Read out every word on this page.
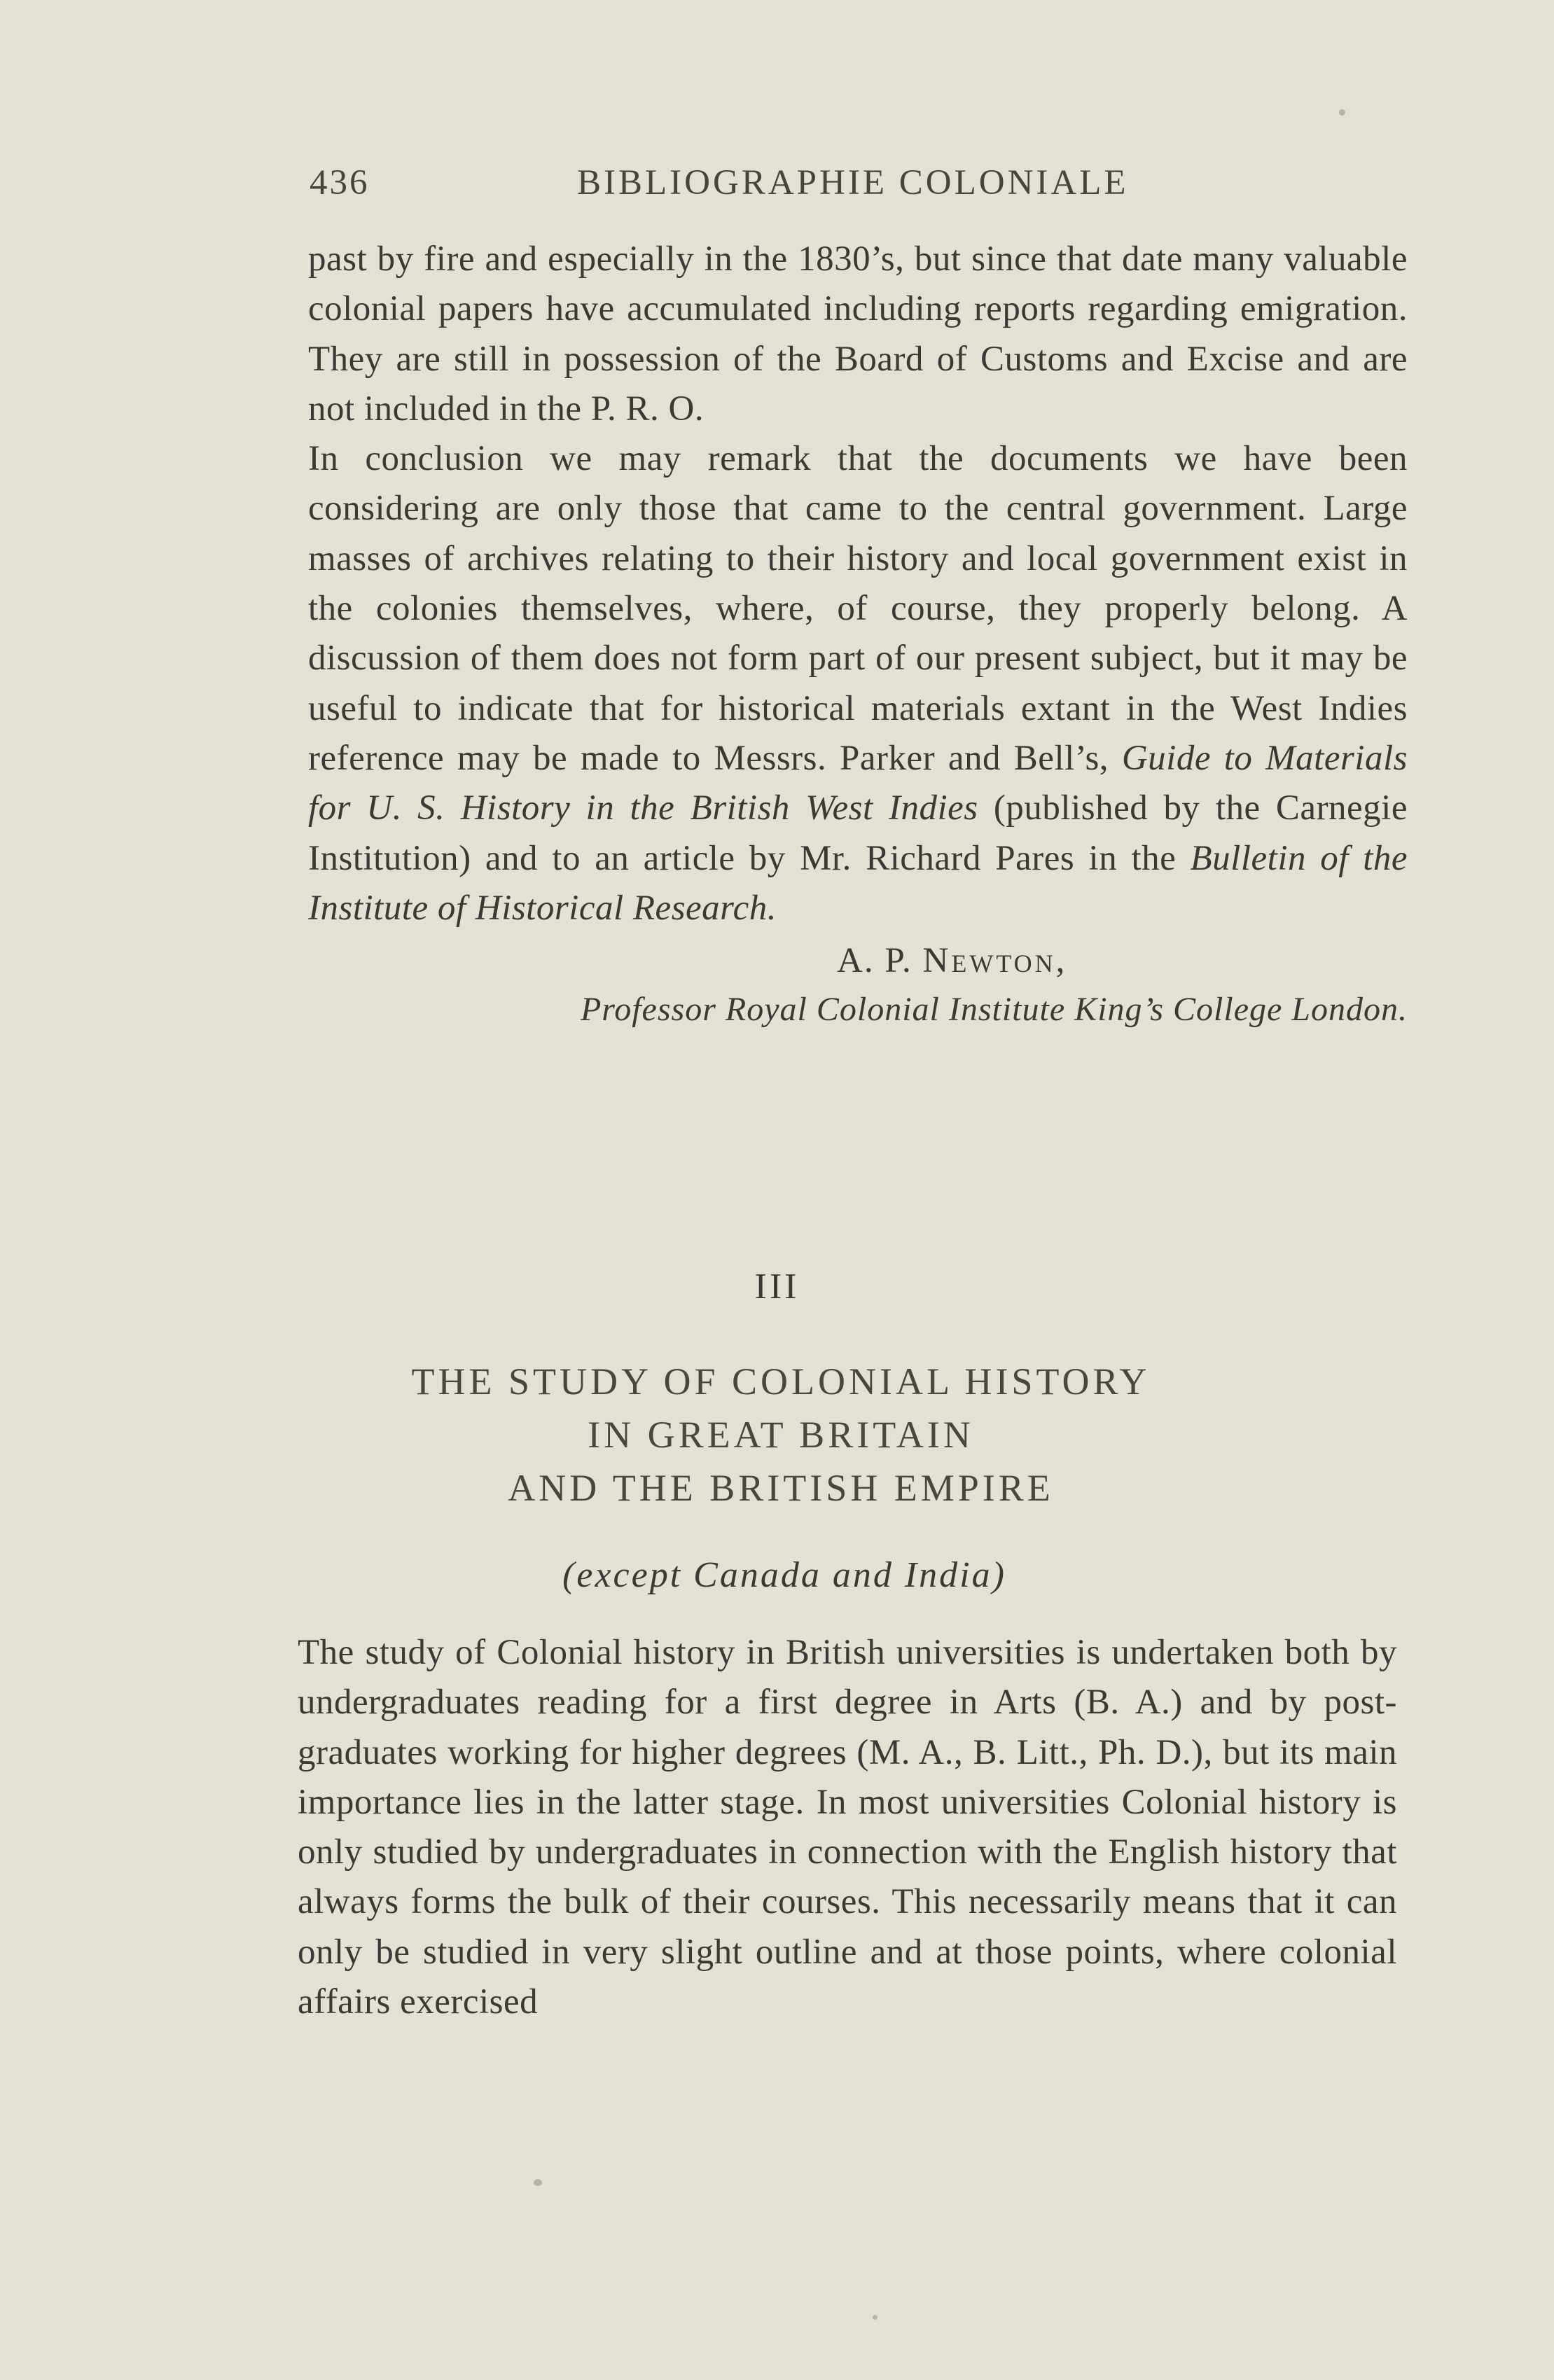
436	BIBLIOGRAPHIE COLONIALE

past by fire and especially in the 1830’s, but since that date many valuable colonial papers have accumulated including reports regarding emigration. They are still in possession of the Board of Customs and Excise and are not included in the P. R. O.

In conclusion we may remark that the documents we have been considering are only those that came to the central government. Large masses of archives relating to their history and local government exist in the colonies themselves, where, of course, they properly belong. A discussion of them does not form part of our present subject, but it may be useful to indicate that for historical materials extant in the West Indies reference may be made to Messrs. Parker and Bell’s, Guide to Materials for U. S. History in the British West Indies (published by the Carnegie Institution) and to an article by Mr. Richard Pares in the Bulletin of the Institute of Historical Research.

A. P. Newton,

Professor Royal Colonial Institute King’s College London.

III
THE STUDY OF COLONIAL HISTORY
IN GREAT BRITAIN
AND THE BRITISH EMPIRE
(except Canada and India)

The study of Colonial history in British universities is undertaken both by undergraduates reading for a first degree in Arts (B. A.) and by post-graduates working for higher degrees (M. A., B. Litt., Ph. D.), but its main importance lies in the latter stage. In most universities Colonial history is only studied by undergraduates in connection with the English history that always forms the bulk of their courses. This necessarily means that it can only be studied in very slight outline and at those points, where colonial affairs exercised
